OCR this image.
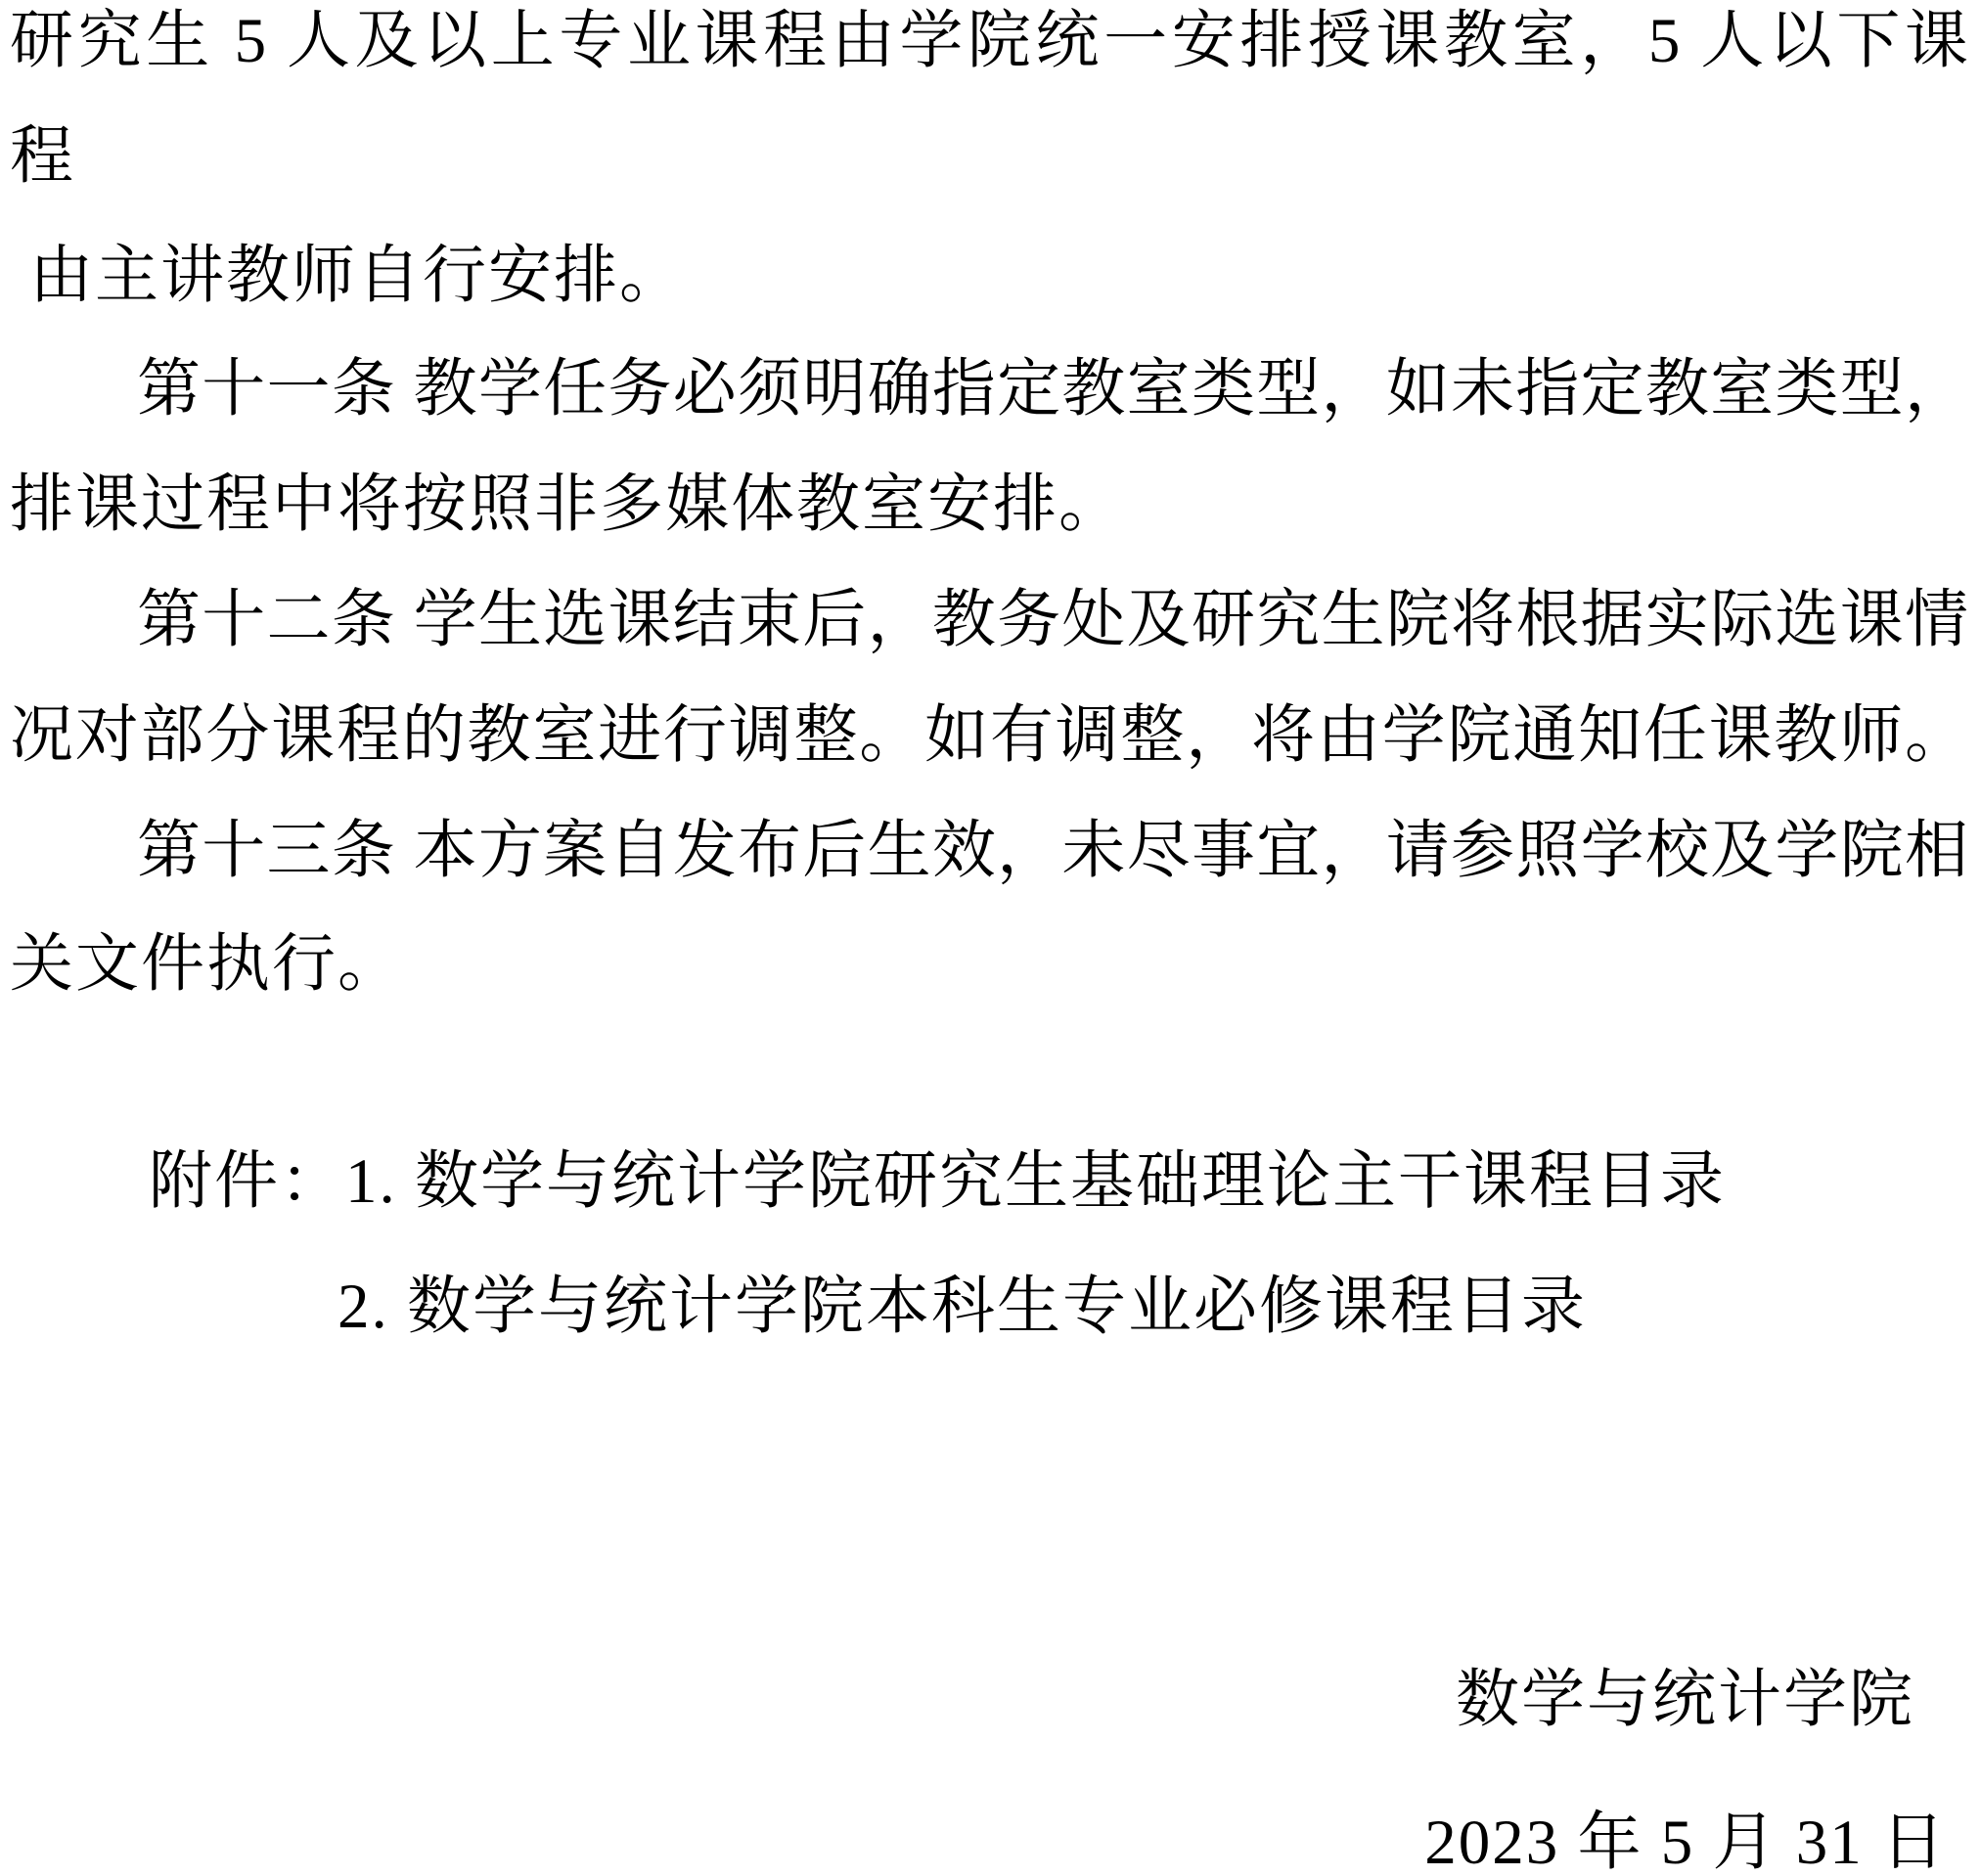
研究生 5 人及以上专业课程由学院统一安排授课教室，5 人以下课
程
由主讲教师自行安排。
第十一条 教学任务必须明确指定教室类型，如未指定教室类型，
排课过程中将按照非多媒体教室安排。
第十二条 学生选课结束后，教务处及研究生院将根据实际选课情
况对部分课程的教室进行调整。如有调整，将由学院通知任课教师。
第十三条 本方案自发布后生效，未尽事宜，请参照学校及学院相
关文件执行。
附件：1. 数学与统计学院研究生基础理论主干课程目录
2. 数学与统计学院本科生专业必修课程目录
数学与统计学院
2023 年 5 月 31 日
